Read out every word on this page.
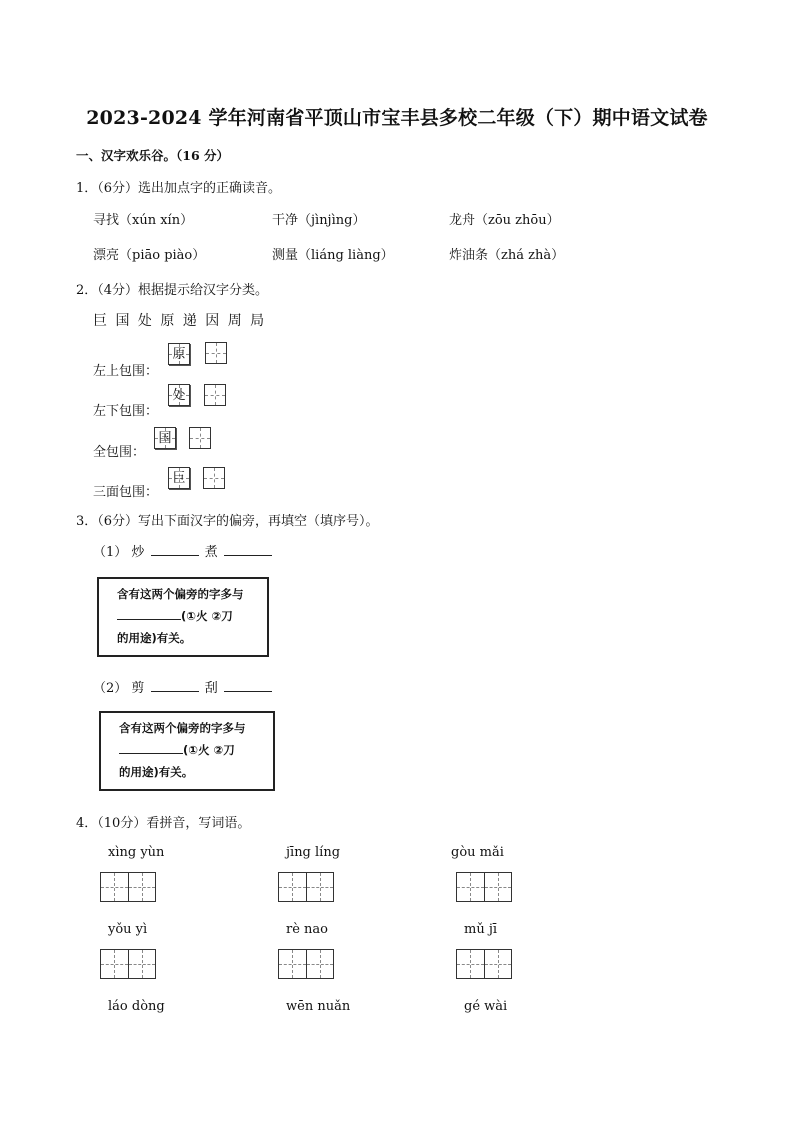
2023-2024 学年河南省平顶山市宝丰县多校二年级（下）期中语文试卷
一、汉字欢乐谷。（16 分）
1．（6分）选出加点字的正确读音。
寻找（xún xín）	干净（jìnjìng）	龙舟（zōu zhōu）
漂亮（piāo piào）	测量（liáng liàng）	炸油条（zhá zhà）
2．（4分）根据提示给汉字分类。
巨 国 处 原 递 因 周 局
左上包围：
原
左下包围：
处
全包围：
国
三面包围：
巨
3．（6分）写出下面汉字的偏旁，再填空（填序号）。
（1） 炒	煮
含有这两个偏旁的字多与
(①火 ②刀
的用途)有关。
（2） 剪	刮
含有这两个偏旁的字多与
(①火 ②刀
的用途)有关。
4．（10分）看拼音，写词语。
xìng yùn	jīng líng	gòu mǎi
yǒu yì	rè nao	mǔ jī
láo dòng	wēn nuǎn	gé wài
